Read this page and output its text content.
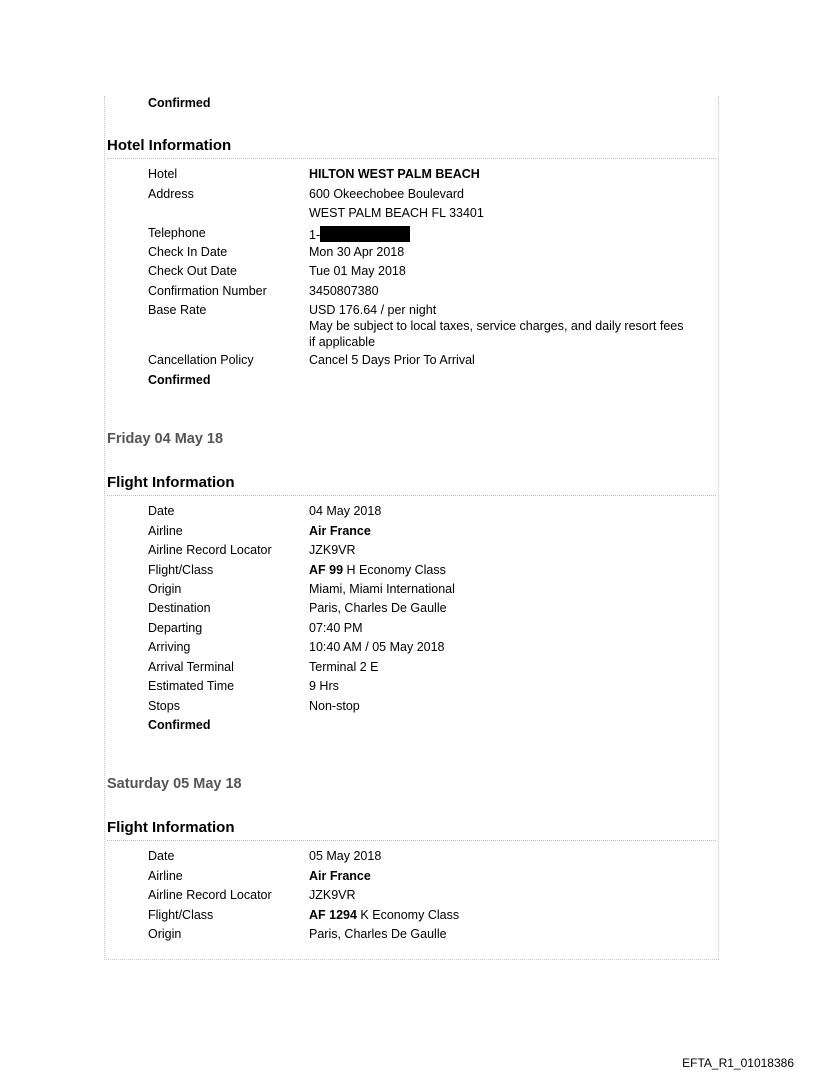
Confirmed
Hotel Information
Hotel	HILTON WEST PALM BEACH
Address	600 Okeechobee Boulevard
WEST PALM BEACH FL 33401
Telephone	1-
Check In Date	Mon 30 Apr 2018
Check Out Date	Tue 01 May 2018
Confirmation Number	3450807380
Base Rate	USD 176.64 / per night
May be subject to local taxes, service charges, and daily resort fees
if applicable
Cancellation Policy	Cancel 5 Days Prior To Arrival
Confirmed
Friday 04 May 18
Flight Information
Date	04 May 2018
Airline	Air France
Airline Record Locator	JZK9VR
Flight/Class	AF 99 H Economy Class
Origin	Miami, Miami International
Destination	Paris, Charles De Gaulle
Departing	07:40 PM
Arriving	10:40 AM / 05 May 2018
Arrival Terminal	Terminal 2 E
Estimated Time	9 Hrs
Stops	Non-stop
Confirmed
Saturday 05 May 18
Flight Information
Date	05 May 2018
Airline	Air France
Airline Record Locator	JZK9VR
Flight/Class	AF 1294 K Economy Class
Origin	Paris, Charles De Gaulle
EFTA_R1_01018386
